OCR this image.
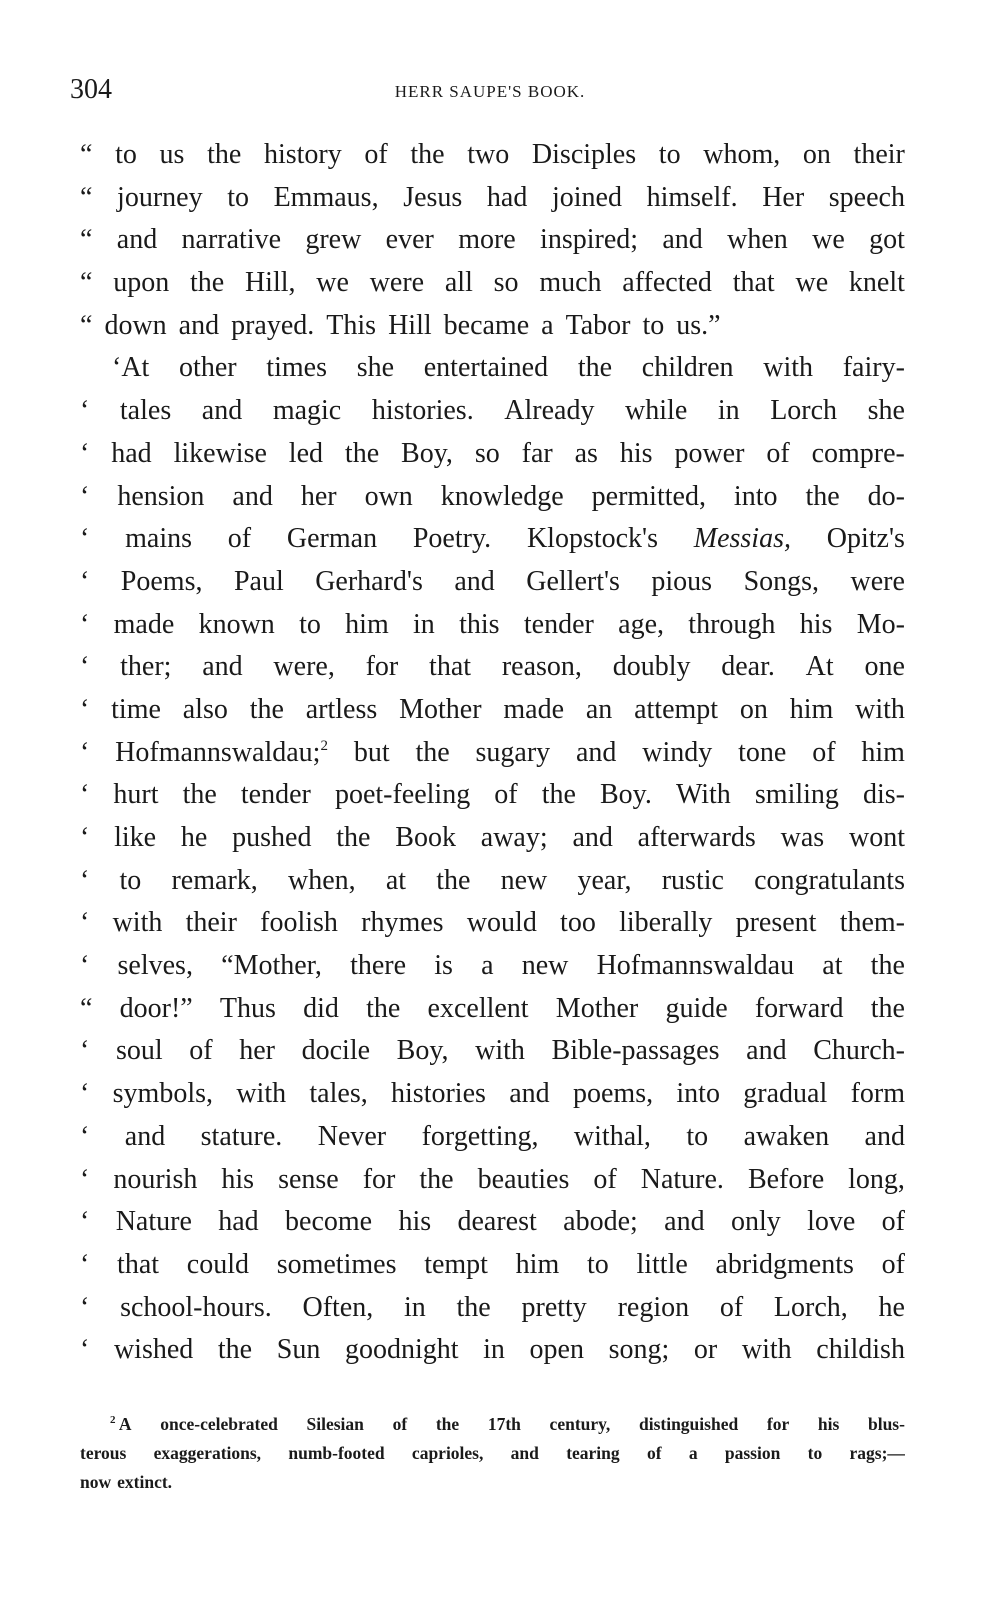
304	HERR SAUPE'S BOOK.
“ to us the history of the two Disciples to whom, on their
“ journey to Emmaus, Jesus had joined himself. Her speech
“ and narrative grew ever more inspired; and when we got
“ upon the Hill, we were all so much affected that we knelt
“ down and prayed. This Hill became a Tabor to us.”
‘At other times she entertained the children with fairy-
‘ tales and magic histories. Already while in Lorch she
‘ had likewise led the Boy, so far as his power of compre-
‘ hension and her own knowledge permitted, into the do-
‘ mains of German Poetry. Klopstock's Messias, Opitz's
‘ Poems, Paul Gerhard's and Gellert's pious Songs, were
‘ made known to him in this tender age, through his Mo-
‘ ther; and were, for that reason, doubly dear. At one
‘ time also the artless Mother made an attempt on him with
‘ Hofmannswaldau;2 but the sugary and windy tone of him
‘ hurt the tender poet-feeling of the Boy. With smiling dis-
‘ like he pushed the Book away; and afterwards was wont
‘ to remark, when, at the new year, rustic congratulants
‘ with their foolish rhymes would too liberally present them-
‘ selves, “Mother, there is a new Hofmannswaldau at the
“ door!” Thus did the excellent Mother guide forward the
‘ soul of her docile Boy, with Bible-passages and Church-
‘ symbols, with tales, histories and poems, into gradual form
‘ and stature. Never forgetting, withal, to awaken and
‘ nourish his sense for the beauties of Nature. Before long,
‘ Nature had become his dearest abode; and only love of
‘ that could sometimes tempt him to little abridgments of
‘ school-hours. Often, in the pretty region of Lorch, he
‘ wished the Sun goodnight in open song; or with childish
$^2$ A once-celebrated Silesian of the 17th century, distinguished for his blus-
terous exaggerations, numb-footed caprioles, and tearing of a passion to rags;—
now extinct.
